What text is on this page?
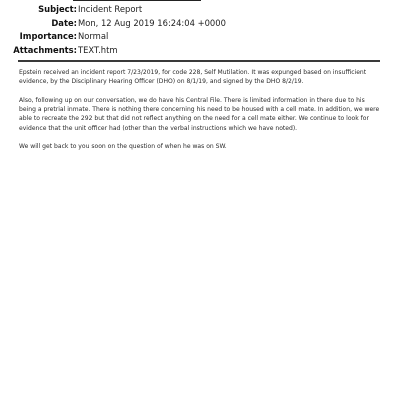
Subject: Incident Report
Date: Mon, 12 Aug 2019 16:24:04 +0000
Importance: Normal
Attachments: TEXT.htm

Epstein received an incident report 7/23/2019, for code 228, Self Mutilation. It was expunged based on insufficient evidence, by the Disciplinary Hearing Officer (DHO) on 8/1/19, and signed by the DHO 8/2/19.

Also, following up on our conversation, we do have his Central File. There is limited information in there due to his being a pretrial inmate. There is nothing there concerning his need to be housed with a cell mate. In addition, we were able to recreate the 292 but that did not reflect anything on the need for a cell mate either. We continue to look for evidence that the unit officer had (other than the verbal instructions which we have noted).

We will get back to you soon on the question of when he was on SW.
